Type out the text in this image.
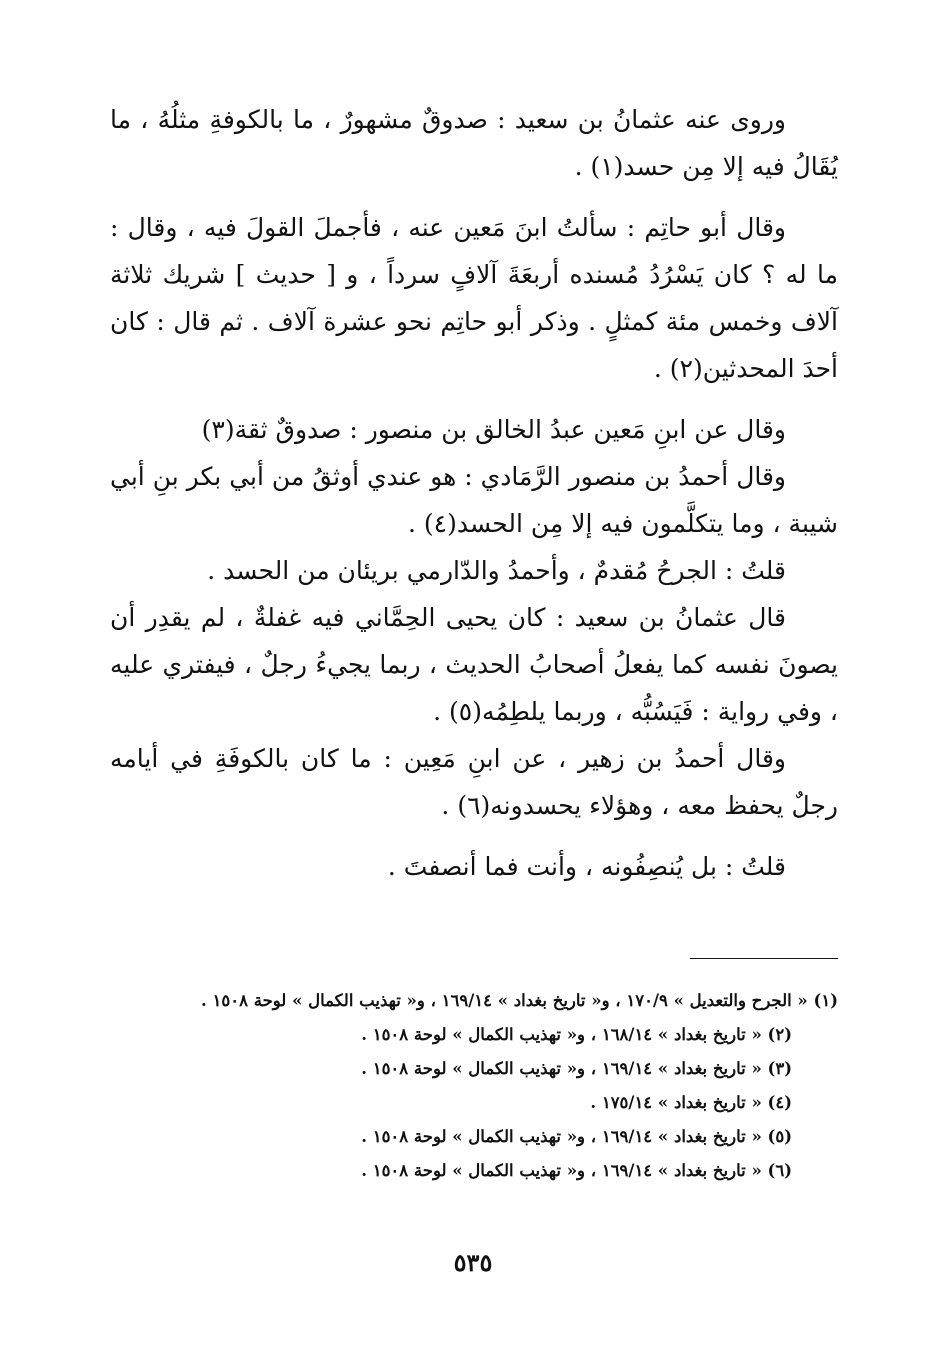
وروى عنه عثمانُ بن سعيد : صدوقٌ مشهورٌ ، ما بالكوفةِ مثلُهُ ، ما يُقَالُ فيه إلا مِن حسد(١) .

وقال أبو حاتِم : سألتُ ابنَ مَعين عنه ، فأجملَ القولَ فيه ، وقال : ما له ؟ كان يَسْرُدُ مُسنده أربعَةَ آلافٍ سرداً ، و [ حديث ] شريك ثلاثة آلاف وخمس مئة كمثلٍ . وذكر أبو حاتِم نحو عشرة آلاف . ثم قال : كان أحدَ المحدثين(٢) .

وقال عن ابنِ مَعين عبدُ الخالق بن منصور : صدوقٌ ثقة(٣)

وقال أحمدُ بن منصور الرَّمَادي : هو عندي أوثقُ من أبي بكر بنِ أبي شيبة ، وما يتكلَّمون فيه إلا مِن الحسد(٤) .

قلتُ : الجرحُ مُقدمٌ ، وأحمدُ والدّارمي بريئان من الحسد .

قال عثمانُ بن سعيد : كان يحيى الحِمَّاني فيه غفلةٌ ، لم يقدِر أن يصونَ نفسه كما يفعلُ أصحابُ الحديث ، ربما يجيءُ رجلٌ ، فيفتري عليه ، وفي رواية : فَيَسُبُّه ، وربما يلطِمُه(٥) .

وقال أحمدُ بن زهير ، عن ابنِ مَعِين : ما كان بالكوفَةِ في أيامه رجلٌ يحفظ معه ، وهؤلاء يحسدونه(٦) .

قلتُ : بل يُنصِفُونه ، وأنت فما أنصفتَ .

(١) « الجرح والتعديل » ١٧٠/٩ ، و« تاريخ بغداد » ١٦٩/١٤ ، و« تهذيب الكمال » لوحة ١٥٠٨ .

(٢) « تاريخ بغداد » ١٦٨/١٤ ، و« تهذيب الكمال » لوحة ١٥٠٨ .

(٣) « تاريخ بغداد » ١٦٩/١٤ ، و« تهذيب الكمال » لوحة ١٥٠٨ .

(٤) « تاريخ بغداد » ١٧٥/١٤ .

(٥) « تاريخ بغداد » ١٦٩/١٤ ، و« تهذيب الكمال » لوحة ١٥٠٨ .

(٦) « تاريخ بغداد » ١٦٩/١٤ ، و« تهذيب الكمال » لوحة ١٥٠٨ .

٥٣٥
